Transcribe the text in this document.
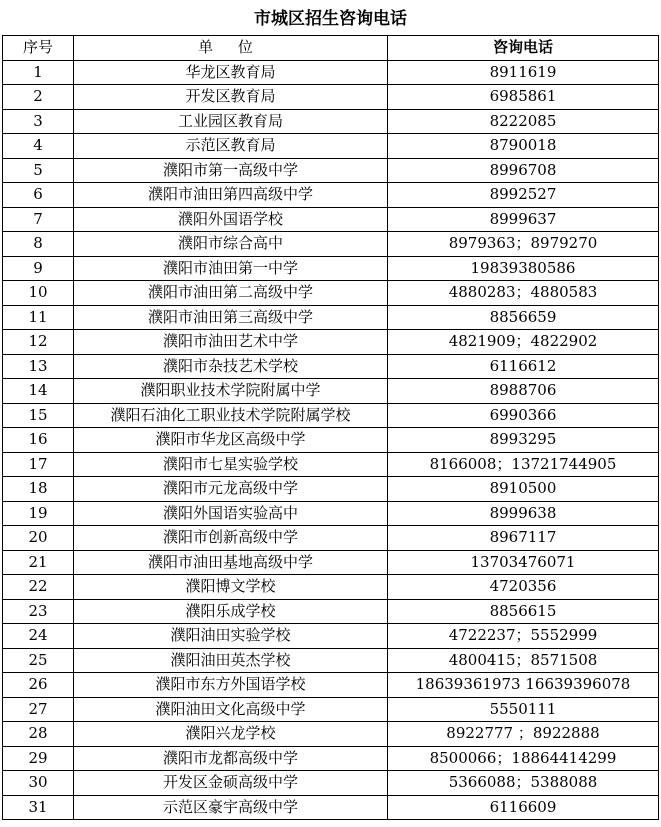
市城区招生咨询电话
序号	单 位	咨询电话
1	华龙区教育局	8911619
2	开发区教育局	6985861
3	工业园区教育局	8222085
4	示范区教育局	8790018
5	濮阳市第一高级中学	8996708
6	濮阳市油田第四高级中学	8992527
7	濮阳外国语学校	8999637
8	濮阳市综合高中	8979363；8979270
9	濮阳市油田第一中学	19839380586
10	濮阳市油田第二高级中学	4880283；4880583
11	濮阳市油田第三高级中学	8856659
12	濮阳市油田艺术中学	4821909；4822902
13	濮阳市杂技艺术学校	6116612
14	濮阳职业技术学院附属中学	8988706
15	濮阳石油化工职业技术学院附属学校	6990366
16	濮阳市华龙区高级中学	8993295
17	濮阳市七星实验学校	8166008；13721744905
18	濮阳市元龙高级中学	8910500
19	濮阳外国语实验高中	8999638
20	濮阳市创新高级中学	8967117
21	濮阳市油田基地高级中学	13703476071
22	濮阳博文学校	4720356
23	濮阳乐成学校	8856615
24	濮阳油田实验学校	4722237；5552999
25	濮阳油田英杰学校	4800415；8571508
26	濮阳市东方外国语学校	18639361973 16639396078
27	濮阳油田文化高级中学	5550111
28	濮阳兴龙学校	8922777 ；8922888
29	濮阳市龙都高级中学	8500066；18864414299
30	开发区金硕高级中学	5366088；5388088
31	示范区豪宇高级中学	6116609
